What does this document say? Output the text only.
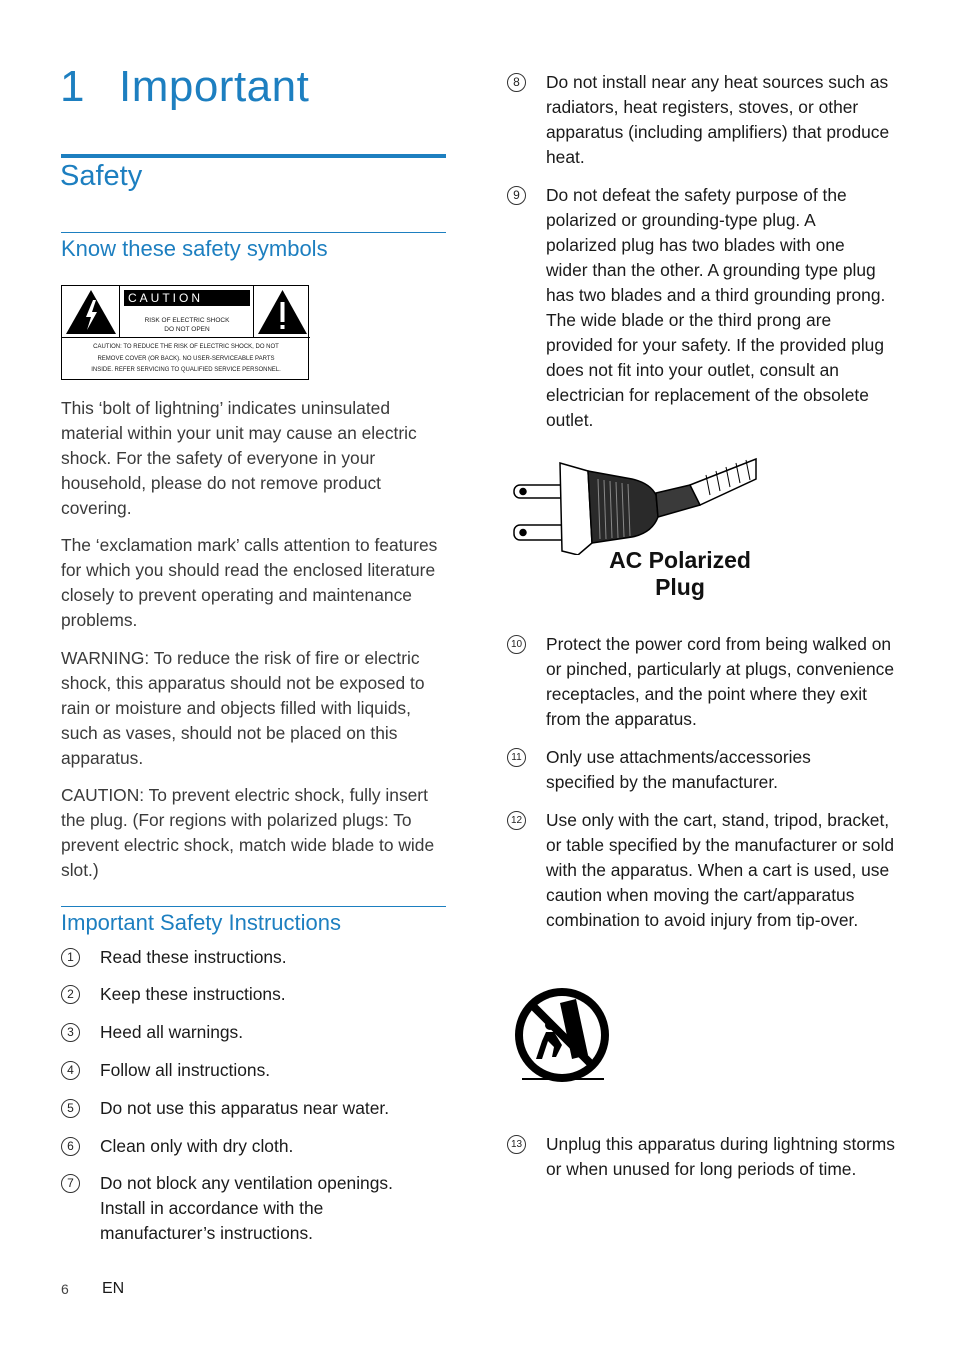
1 Important
Safety
Know these safety symbols
CAUTION
RISK OF ELECTRIC SHOCK
DO NOT OPEN
CAUTION: TO REDUCE THE RISK OF ELECTRIC SHOCK, DO NOT
REMOVE COVER (OR BACK). NO USER-SERVICEABLE PARTS
INSIDE. REFER SERVICING TO QUALIFIED SERVICE PERSONNEL.

This ‘bolt of lightning’ indicates uninsulated material within your unit may cause an electric shock. For the safety of everyone in your household, please do not remove product covering.

The ‘exclamation mark’ calls attention to features for which you should read the enclosed literature closely to prevent operating and maintenance problems.

WARNING: To reduce the risk of fire or electric shock, this apparatus should not be exposed to rain or moisture and objects filled with liquids, such as vases, should not be placed on this apparatus.

CAUTION: To prevent electric shock, fully insert the plug. (For regions with polarized plugs: To prevent electric shock, match wide blade to wide slot.)

Important Safety Instructions
1	Read these instructions.
2	Keep these instructions.
3	Heed all warnings.
4	Follow all instructions.
5	Do not use this apparatus near water.
6	Clean only with dry cloth.
7	Do not block any ventilation openings. Install in accordance with the manufacturer’s instructions.
8	Do not install near any heat sources such as radiators, heat registers, stoves, or other apparatus (including amplifiers) that produce heat.
9	Do not defeat the safety purpose of the polarized or grounding-type plug. A polarized plug has two blades with one wider than the other. A grounding type plug has two blades and a third grounding prong. The wide blade or the third prong are provided for your safety. If the provided plug does not fit into your outlet, consult an electrician for replacement of the obsolete outlet.
AC Polarized
Plug
10 Protect the power cord from being walked on or pinched, particularly at plugs, convenience receptacles, and the point where they exit from the apparatus.
11 Only use attachments/accessories specified by the manufacturer.
12 Use only with the cart, stand, tripod, bracket, or table specified by the manufacturer or sold with the apparatus. When a cart is used, use caution when moving the cart/apparatus combination to avoid injury from tip-over.
13 Unplug this apparatus during lightning storms or when unused for long periods of time.
6 EN
